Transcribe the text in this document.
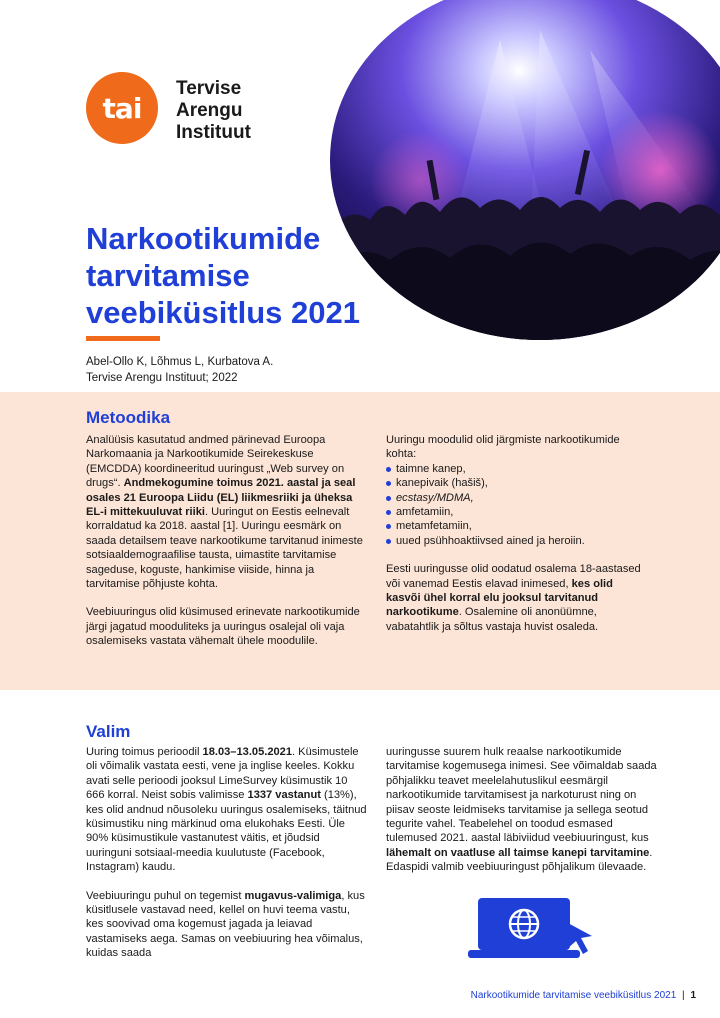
tai
Tervise
Arengu
Instituut
Narkootikumide
tarvitamise
veebiküsitlus 2021
Abel-Ollo K, Lõhmus L, Kurbatova A.
Tervise Arengu Instituut; 2022
Metoodika
Analüüsis kasutatud andmed pärinevad Euroopa Narkomaania ja Narkootikumide Seirekeskuse (EMCDDA) koordineeritud uuringust „Web survey on drugs“. Andmekogumine toimus 2021. aastal ja seal osales 21 Euroopa Liidu (EL) liikmesriiki ja üheksa EL-i mittekuuluvat riiki. Uuringut on Eestis eelnevalt korraldatud ka 2018. aastal [1]. Uuringu eesmärk on saada detailsem teave narkootikume tarvitanud inimeste sotsiaaldemograafilise tausta, uimastite tarvitamise sageduse, koguste, hankimise viiside, hinna ja tarvitamise põhjuste kohta.
Veebiuuringus olid küsimused erinevate narkootikumide järgi jagatud mooduliteks ja uuringus osalejal oli vaja osalemiseks vastata vähemalt ühele moodulile.
Uuringu moodulid olid järgmiste narkootikumide kohta:
taimne kanep,
kanepivaik (hašiš),
ecstasy/MDMA,
amfetamiin,
metamfetamiin,
uued psühhoaktiivsed ained ja heroiin.
Eesti uuringusse olid oodatud osalema 18-aastased või vanemad Eestis elavad inimesed, kes olid kasvõi ühel korral elu jooksul tarvitanud narkootikume. Osalemine oli anonüümne, vabatahtlik ja sõltus vastaja huvist osaleda.
Valim
Uuring toimus perioodil 18.03–13.05.2021. Küsimustele oli võimalik vastata eesti, vene ja inglise keeles. Kokku avati selle perioodi jooksul LimeSurvey küsimustik 10 666 korral. Neist sobis valimisse 1337 vastanut (13%), kes olid andnud nõusoleku uuringus osalemiseks, täitnud küsimustiku ning märkinud oma elukohaks Eesti. Üle 90% küsimustikule vastanutest väitis, et jõudsid uuringuni sotsiaal-meedia kuulutuste (Facebook, Instagram) kaudu.
Veebiuuringu puhul on tegemist mugavus-valimiga, kus küsitlusele vastavad need, kellel on huvi teema vastu, kes soovivad oma kogemust jagada ja leiavad vastamiseks aega. Samas on veebiuuring hea võimalus, kuidas saada
uuringusse suurem hulk reaalse narkootikumide tarvitamise kogemusega inimesi. See võimaldab saada põhjalikku teavet meelelahutuslikul eesmärgil narkootikumide tarvitamisest ja narkoturust ning on piisav seoste leidmiseks tarvitamise ja sellega seotud tegurite vahel. Teabelehel on toodud esmased tulemused 2021. aastal läbiviidud veebiuuringust, kus lähemalt on vaatluse all taimse kanepi tarvitamine. Edaspidi valmib veebiuuringust põhjalikum ülevaade.
Narkootikumide tarvitamise veebiküsitlus 2021 | 1
